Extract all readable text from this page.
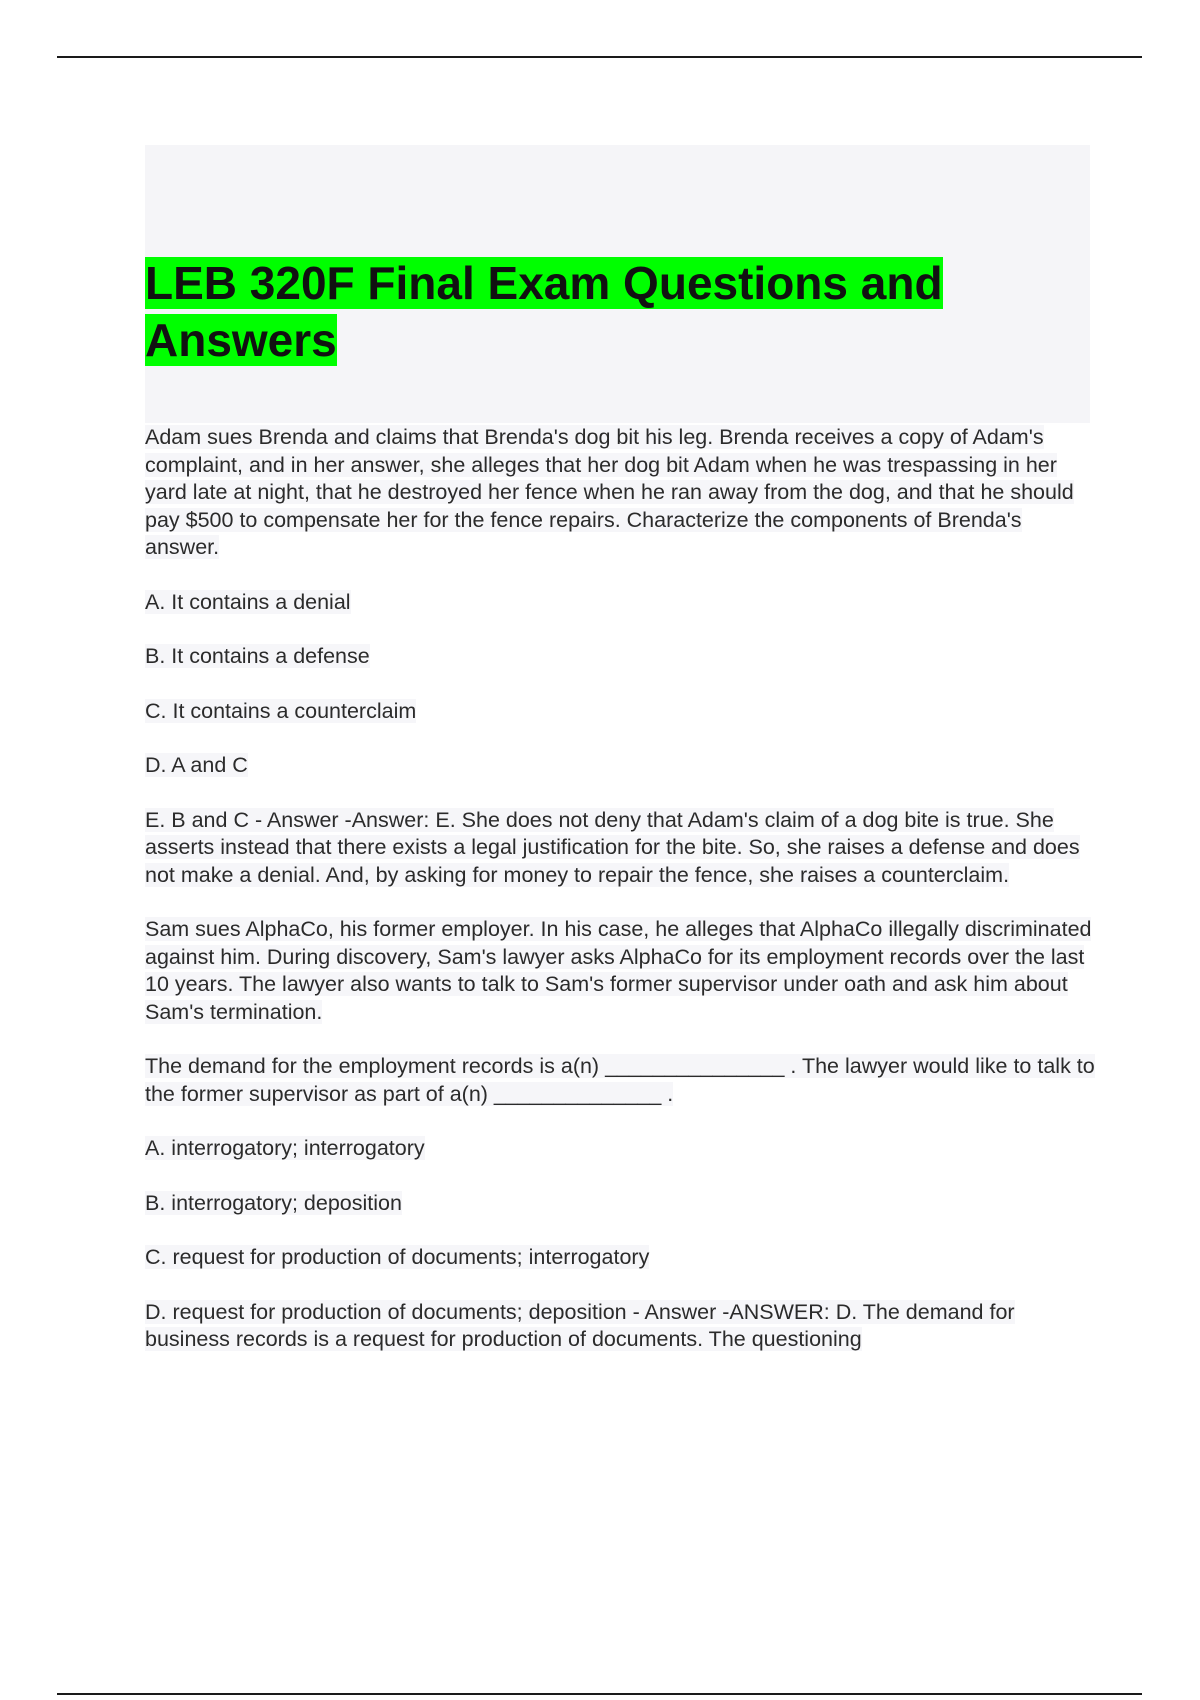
LEB 320F Final Exam Questions and Answers

Adam sues Brenda and claims that Brenda's dog bit his leg. Brenda receives a copy of Adam's complaint, and in her answer, she alleges that her dog bit Adam when he was trespassing in her yard late at night, that he destroyed her fence when he ran away from the dog, and that he should pay $500 to compensate her for the fence repairs. Characterize the components of Brenda's answer.

A. It contains a denial

B. It contains a defense

C. It contains a counterclaim

D. A and C

E. B and C - Answer -Answer: E. She does not deny that Adam's claim of a dog bite is true. She asserts instead that there exists a legal justification for the bite. So, she raises a defense and does not make a denial. And, by asking for money to repair the fence, she raises a counterclaim.

Sam sues AlphaCo, his former employer. In his case, he alleges that AlphaCo illegally discriminated against him. During discovery, Sam's lawyer asks AlphaCo for its employment records over the last 10 years. The lawyer also wants to talk to Sam's former supervisor under oath and ask him about Sam's termination.

The demand for the employment records is a(n) _______________ . The lawyer would like to talk to the former supervisor as part of a(n) ______________ .

A. interrogatory; interrogatory

B. interrogatory; deposition

C. request for production of documents; interrogatory

D. request for production of documents; deposition - Answer -ANSWER: D. The demand for business records is a request for production of documents. The questioning
